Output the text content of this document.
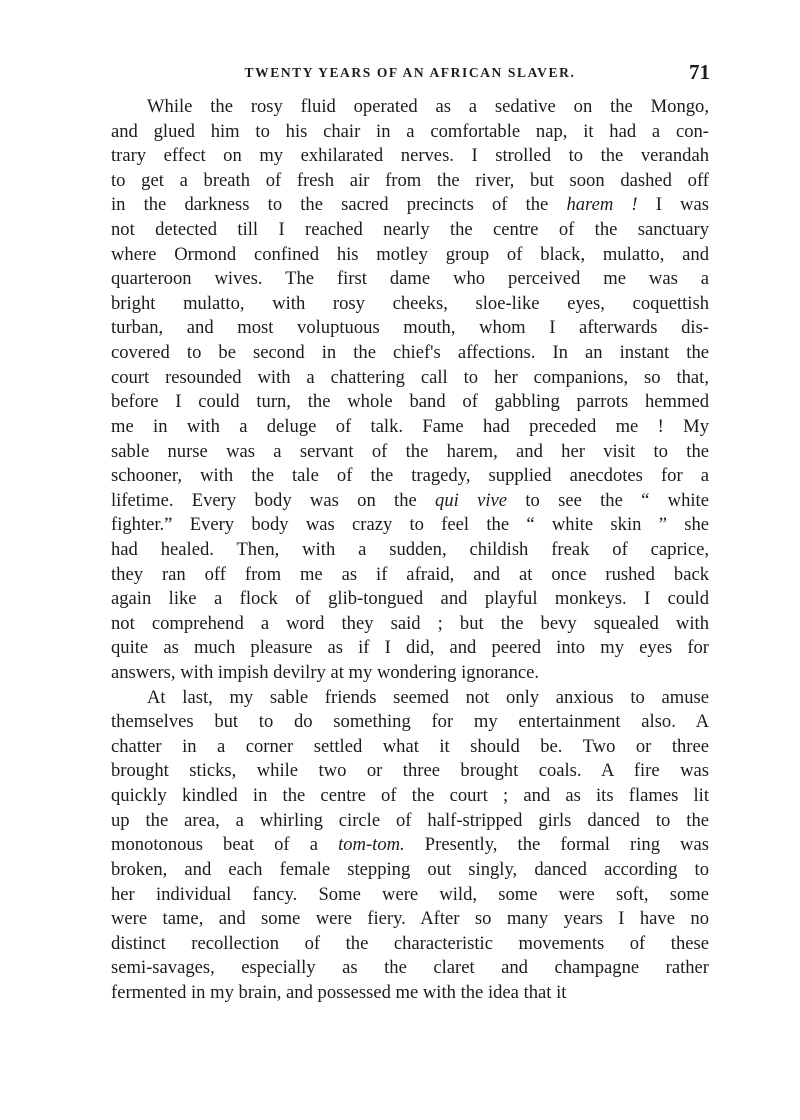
TWENTY YEARS OF AN AFRICAN SLAVER.	71
While the rosy fluid operated as a sedative on the Mongo,
and glued him to his chair in a comfortable nap, it had a con-
trary effect on my exhilarated nerves. I strolled to the verandah
to get a breath of fresh air from the river, but soon dashed off
in the darkness to the sacred precincts of the harem ! I was
not detected till I reached nearly the centre of the sanctuary
where Ormond confined his motley group of black, mulatto, and
quarteroon wives. The first dame who perceived me was a
bright mulatto, with rosy cheeks, sloe-like eyes, coquettish
turban, and most voluptuous mouth, whom I afterwards dis-
covered to be second in the chief's affections. In an instant the
court resounded with a chattering call to her companions, so that,
before I could turn, the whole band of gabbling parrots hemmed
me in with a deluge of talk. Fame had preceded me ! My
sable nurse was a servant of the harem, and her visit to the
schooner, with the tale of the tragedy, supplied anecdotes for a
lifetime. Every body was on the qui vive to see the “ white
fighter.” Every body was crazy to feel the “ white skin ” she
had healed. Then, with a sudden, childish freak of caprice,
they ran off from me as if afraid, and at once rushed back
again like a flock of glib-tongued and playful monkeys. I could
not comprehend a word they said ; but the bevy squealed with
quite as much pleasure as if I did, and peered into my eyes for
answers, with impish devilry at my wondering ignorance.
At last, my sable friends seemed not only anxious to amuse
themselves but to do something for my entertainment also. A
chatter in a corner settled what it should be. Two or three
brought sticks, while two or three brought coals. A fire was
quickly kindled in the centre of the court ; and as its flames lit
up the area, a whirling circle of half-stripped girls danced to the
monotonous beat of a tom-tom. Presently, the formal ring was
broken, and each female stepping out singly, danced according to
her individual fancy. Some were wild, some were soft, some
were tame, and some were fiery. After so many years I have no
distinct recollection of the characteristic movements of these
semi-savages, especially as the claret and champagne rather
fermented in my brain, and possessed me with the idea that it
